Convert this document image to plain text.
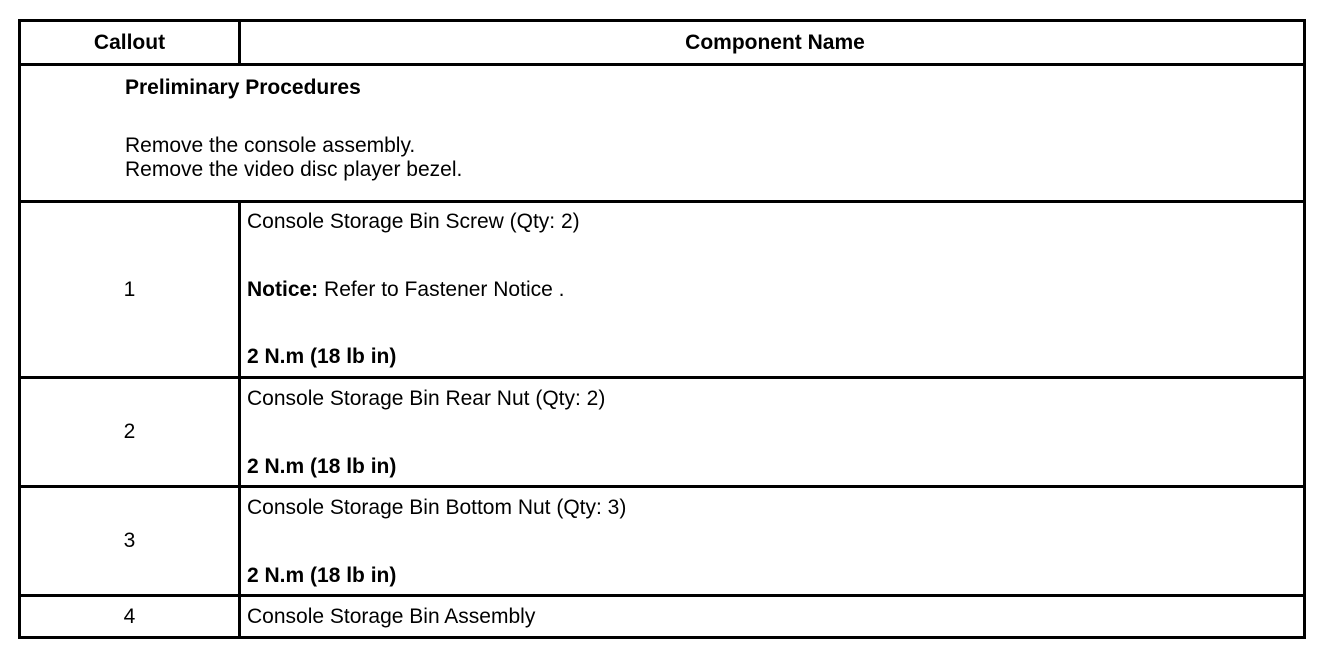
Callout	Component Name
Preliminary Procedures
Remove the console assembly.
Remove the video disc player bezel.
1
Console Storage Bin Screw (Qty: 2)
Notice: Refer to Fastener Notice .
2 N.m (18 lb in)
2
Console Storage Bin Rear Nut (Qty: 2)
2 N.m (18 lb in)
3
Console Storage Bin Bottom Nut (Qty: 3)
2 N.m (18 lb in)
4	Console Storage Bin Assembly
